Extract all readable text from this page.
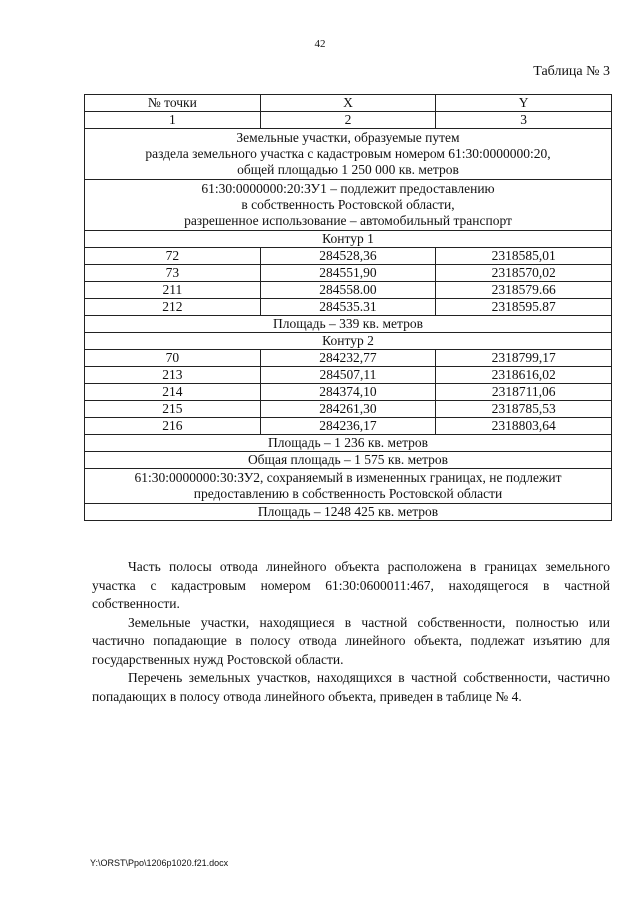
42
Таблица № 3
№ точки	X	Y
1	2	3

Земельные участки, образуемые путем
раздела земельного участка с кадастровым номером 61:30:0000000:20,
общей площадью 1 250 000 кв. метров		

61:30:0000000:20:ЗУ1 – подлежит предоставлению
в собственность Ростовской области,
разрешенное использование – автомобильный транспорт		

Контур 1		
72	284528,36	2318585,01
73	284551,90	2318570,02
211	284558.00	2318579.66
212	284535.31	2318595.87
Площадь – 339 кв. метров		
Контур 2		
70	284232,77	2318799,17
213	284507,11	2318616,02
214	284374,10	2318711,06
215	284261,30	2318785,53
216	284236,17	2318803,64
Площадь – 1 236 кв. метров		
Общая площадь – 1 575 кв. метров		

61:30:0000000:30:ЗУ2, сохраняемый в измененных границах, не подлежит
предоставлению в собственность Ростовской области		

Площадь – 1248 425 кв. метров		

Часть полосы отвода линейного объекта расположена в границах земельного участка с кадастровым номером 61:30:0600011:467, находящегося в частной собственности.

Земельные участки, находящиеся в частной собственности, полностью или частично попадающие в полосу отвода линейного объекта, подлежат изъятию для государственных нужд Ростовской области.

Перечень земельных участков, находящихся в частной собственности, частично попадающих в полосу отвода линейного объекта, приведен в таблице № 4.

Y:\ORST\Ppo\1206p1020.f21.docx
